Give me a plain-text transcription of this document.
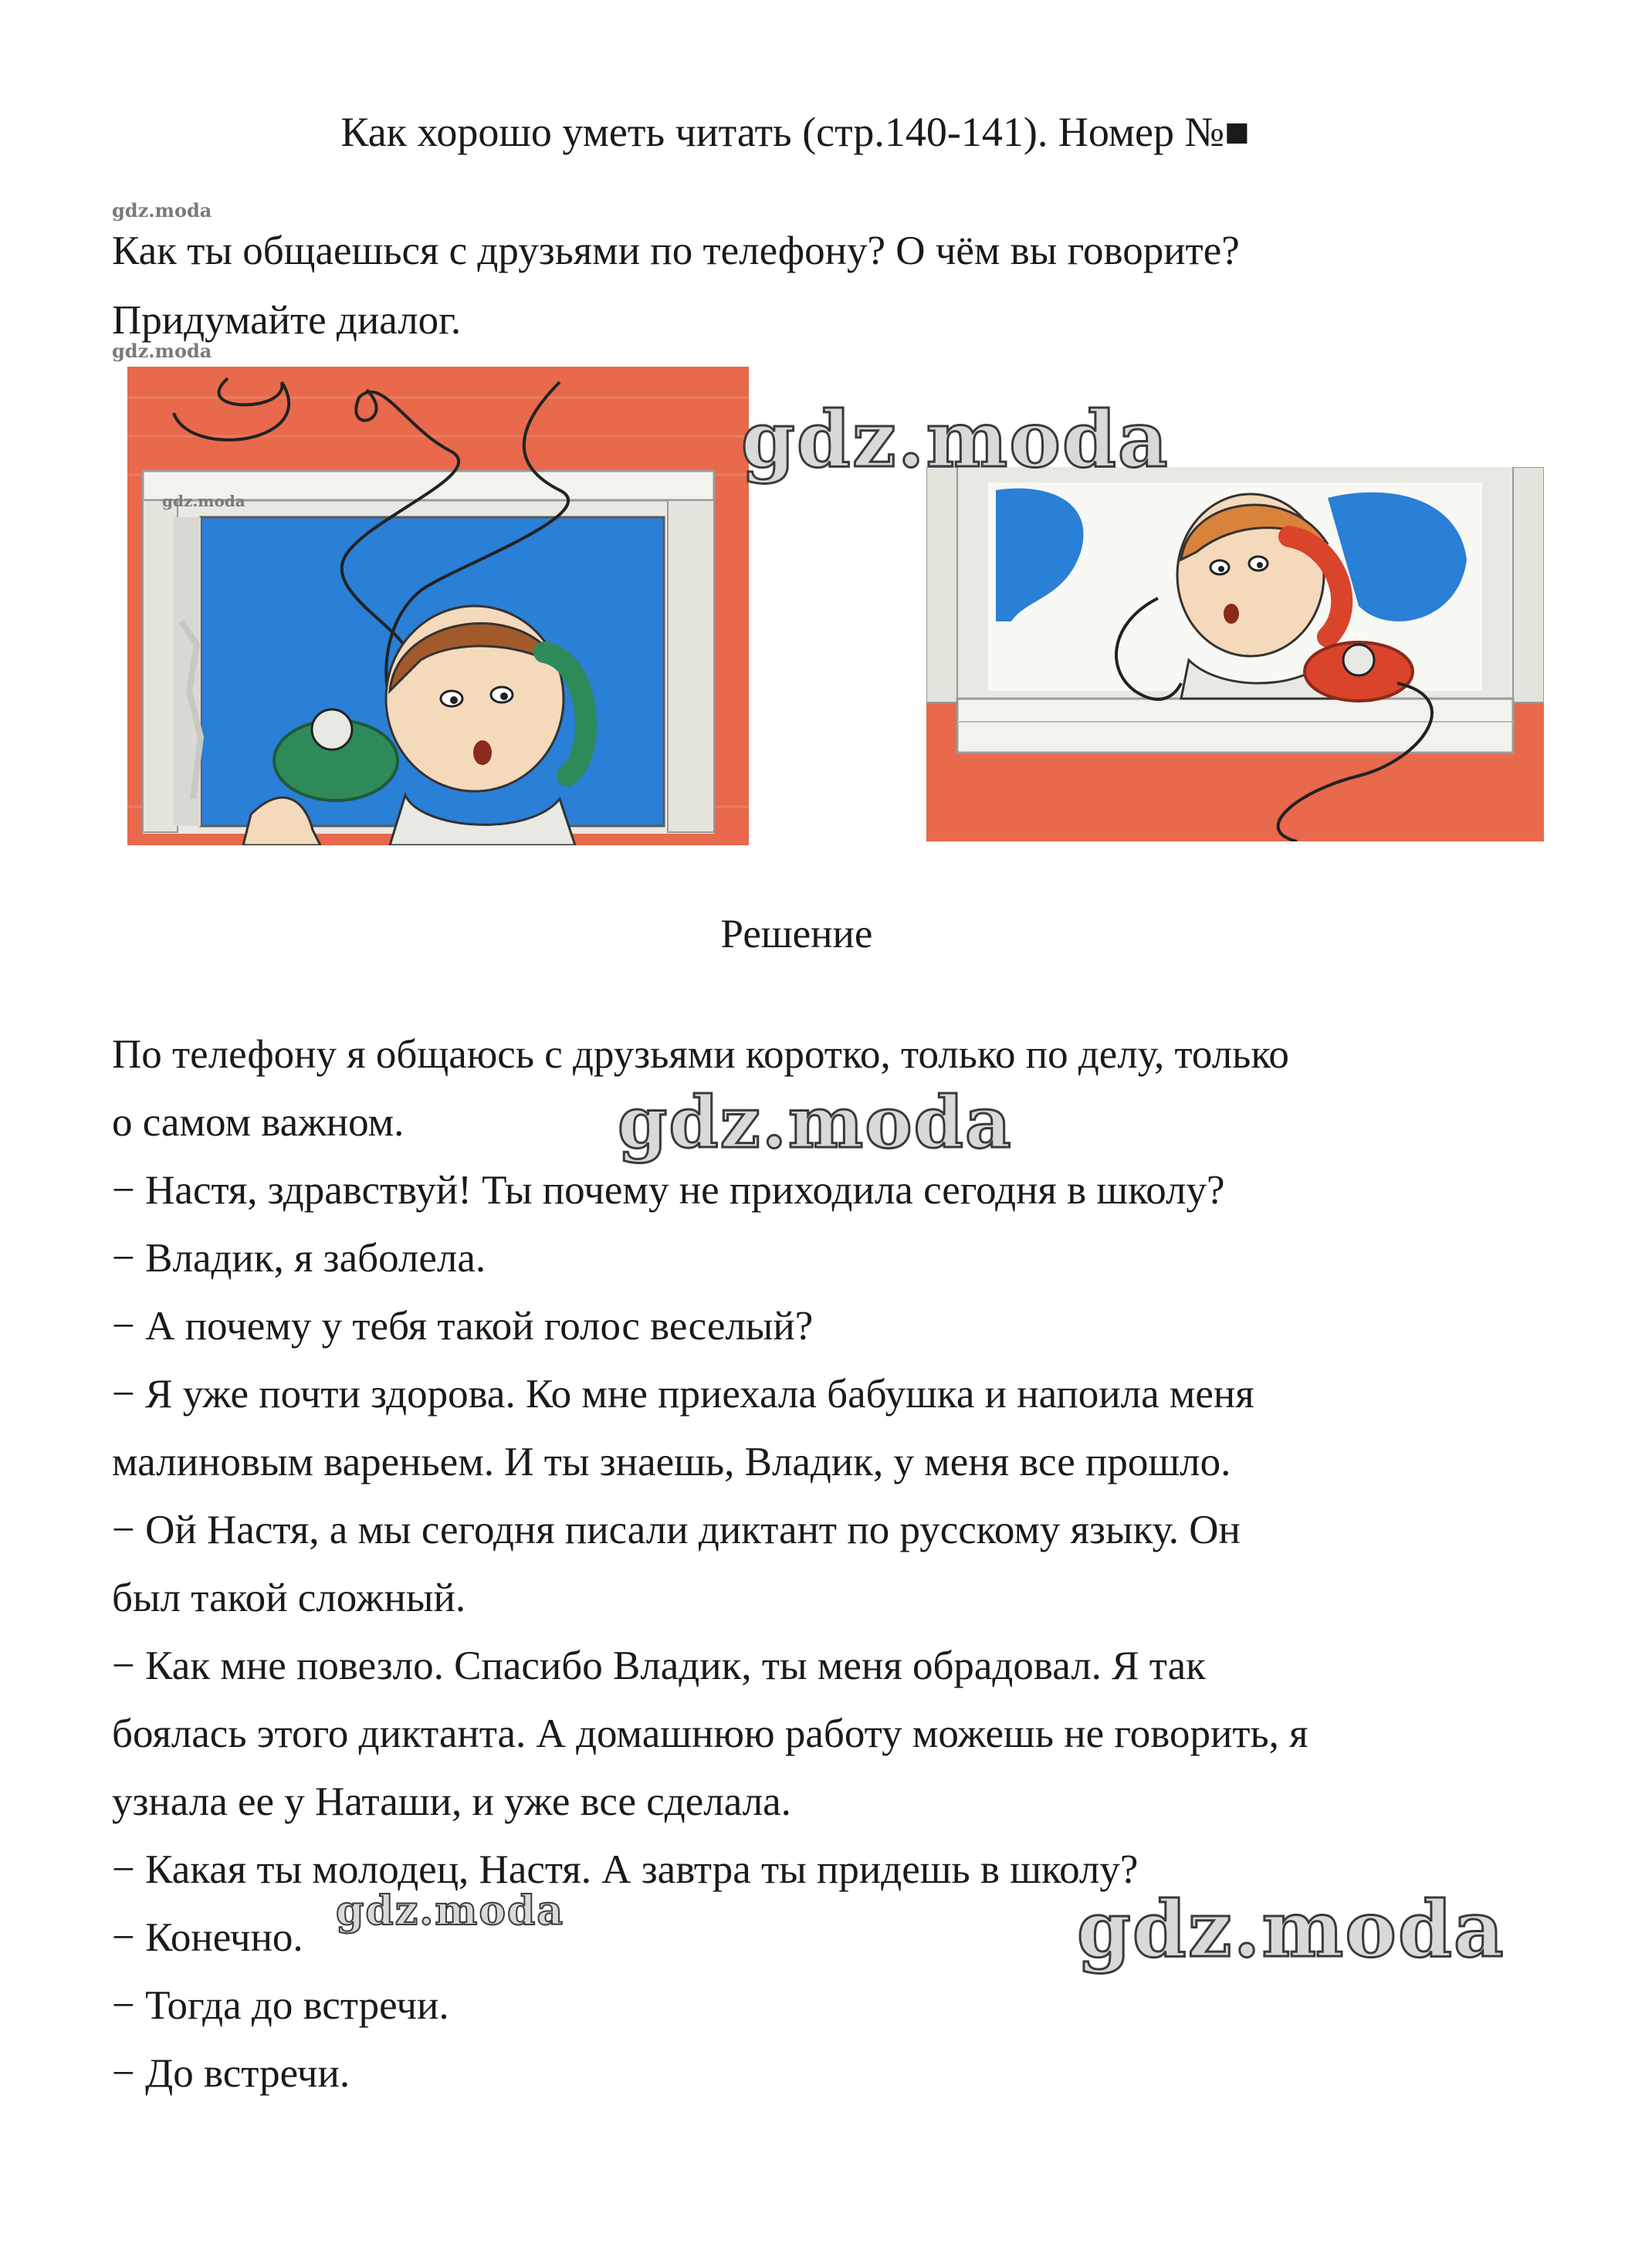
Как хорошо уметь читать (стр.140-141). Номер №■
gdz.moda
Как ты общаешься с друзьями по телефону? О чём вы говорите?
Придумайте диалог.
gdz.moda
gdz.moda
gdz.moda
Решение

По телефону я общаюсь с друзьями коротко, только по делу, только

о самом важном.

− Настя, здравствуй! Ты почему не приходила сегодня в школу?

− Владик, я заболела.

− А почему у тебя такой голос веселый?

− Я уже почти здорова. Ко мне приехала бабушка и напоила меня

малиновым вареньем. И ты знаешь, Владик, у меня все прошло.

− Ой Настя, а мы сегодня писали диктант по русскому языку. Он

был такой сложный.

− Как мне повезло. Спасибо Владик, ты меня обрадовал. Я так

боялась этого диктанта. А домашнюю работу можешь не говорить, я

узнала ее у Наташи, и уже все сделала.

− Какая ты молодец, Настя. А завтра ты придешь в школу?

− Конечно.

− Тогда до встречи.

− До встречи.

gdz.moda
gdz.moda	gdz.moda
